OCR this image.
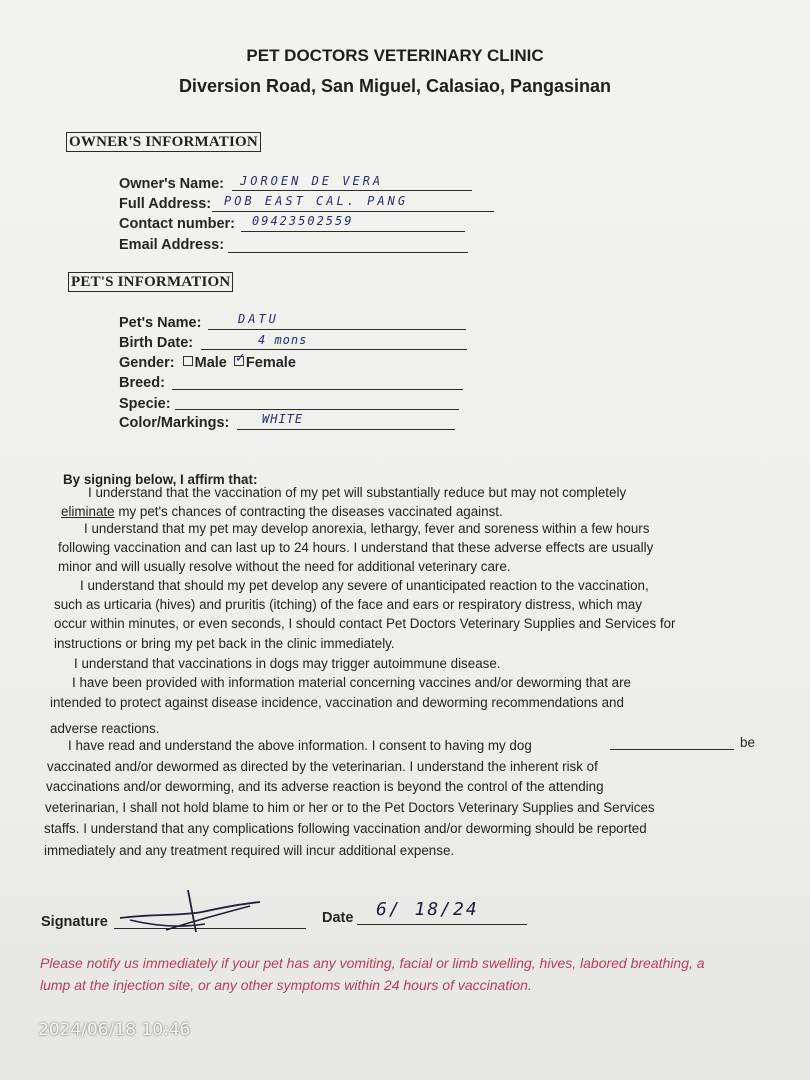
PET DOCTORS VETERINARY CLINIC
Diversion Road, San Miguel, Calasiao, Pangasinan
OWNER'S INFORMATION
Owner's Name: JOROEN DE VERA
Full Address: POB EAST CAL. PANG
Contact number: 09423502559
Email Address:
PET'S INFORMATION
Pet's Name:	DATU
Birth Date:	4 mons
Gender: Male ✓ Female
Breed:
Specie:
Color/Markings:	WHITE
By signing below, I affirm that:
I understand that the vaccination of my pet will substantially reduce but may not completely
eliminate my pet's chances of contracting the diseases vaccinated against.
I understand that my pet may develop anorexia, lethargy, fever and soreness within a few hours
following vaccination and can last up to 24 hours. I understand that these adverse effects are usually
minor and will usually resolve without the need for additional veterinary care.
I understand that should my pet develop any severe of unanticipated reaction to the vaccination,
such as urticaria (hives) and pruritis (itching) of the face and ears or respiratory distress, which may
occur within minutes, or even seconds, I should contact Pet Doctors Veterinary Supplies and Services for
instructions or bring my pet back in the clinic immediately.
I understand that vaccinations in dogs may trigger autoimmune disease.
I have been provided with information material concerning vaccines and/or deworming that are
intended to protect against disease incidence, vaccination and deworming recommendations and
adverse reactions.
I have read and understand the above information. I consent to having my dog	be
vaccinated and/or dewormed as directed by the veterinarian. I understand the inherent risk of
vaccinations and/or deworming, and its adverse reaction is beyond the control of the attending
veterinarian, I shall not hold blame to him or her or to the Pet Doctors Veterinary Supplies and Services
staffs. I understand that any complications following vaccination and/or deworming should be reported
immediately and any treatment required will incur additional expense.
Signature	Date 6/ 18/24
Please notify us immediately if your pet has any vomiting, facial or limb swelling, hives, labored breathing, a lump at the injection site, or any other symptoms within 24 hours of vaccination.
2024/06/18 10:46
